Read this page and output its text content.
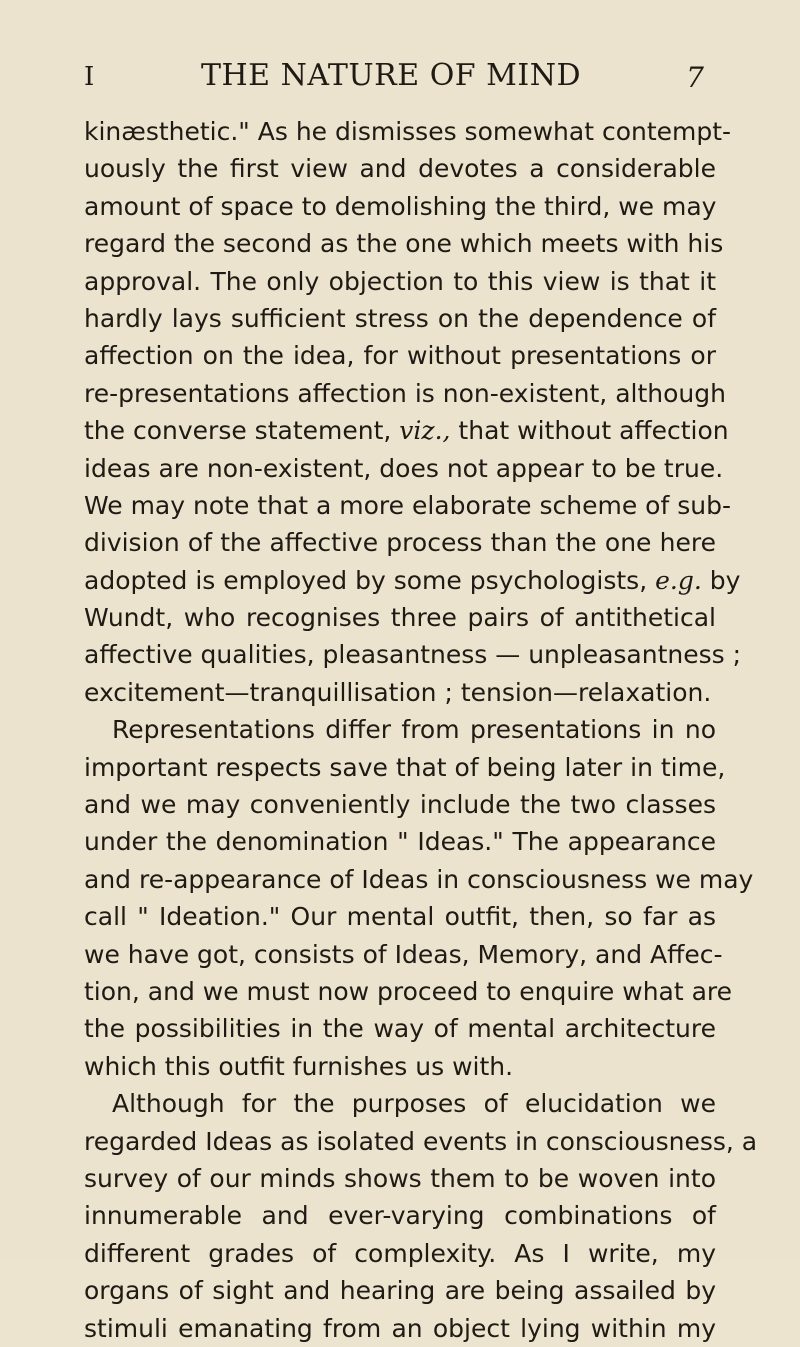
I	THE NATURE OF MIND	7
kinæsthetic." As he dismisses somewhat contempt-
uously the first view and devotes a considerable
amount of space to demolishing the third, we may
regard the second as the one which meets with his
approval. The only objection to this view is that it
hardly lays sufficient stress on the dependence of
affection on the idea, for without presentations or
re-presentations affection is non-existent, although
the converse statement, viz., that without affection
ideas are non-existent, does not appear to be true.
We may note that a more elaborate scheme of sub-
division of the affective process than the one here
adopted is employed by some psychologists, e.g. by
Wundt, who recognises three pairs of antithetical
affective qualities, pleasantness — unpleasantness ;
excitement—tranquillisation ; tension—relaxation.
Representations differ from presentations in no
important respects save that of being later in time,
and we may conveniently include the two classes
under the denomination " Ideas." The appearance
and re-appearance of Ideas in consciousness we may
call " Ideation." Our mental outfit, then, so far as
we have got, consists of Ideas, Memory, and Affec-
tion, and we must now proceed to enquire what are
the possibilities in the way of mental architecture
which this outfit furnishes us with.
Although for the purposes of elucidation we
regarded Ideas as isolated events in consciousness, a
survey of our minds shows them to be woven into
innumerable and ever-varying combinations of
different grades of complexity. As I write, my
organs of sight and hearing are being assailed by
stimuli emanating from an object lying within my
